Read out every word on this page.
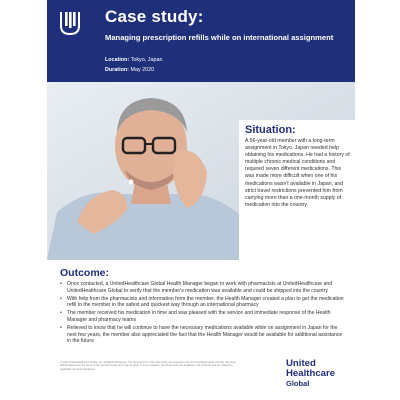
Case study:
Managing prescription refills while on international assignment
Location: Tokyo, Japan
Duration: May 2020
Situation:

A 56-year-old member with a long-term assignment in Tokyo, Japan needed help obtaining his medications. He had a history of multiple chronic medical conditions and required seven different medications. This was made more difficult when one of his medications wasn't available in Japan, and strict travel restrictions prevented him from carrying more than a one-month supply of medication into the country.

Outcome:
• Once contacted, a UnitedHealthcare Global Health Manager began to work with pharmacists at UnitedHealthcare and UnitedHealthcare Global to verify that the member's medication was available and could be shipped into the country
• With help from the pharmacists and information from the member, the Health Manager created a plan to get the medication refill to the member in the safest and quickest way through an international pharmacy
• The member received his medication in time and was pleased with the service and immediate response of the Health Manager and pharmacy teams
• Relieved to know that he will continue to have the necessary medications available while on assignment in Japan for the next few years, the member also appreciated the fact that the Health Manager would be available for additional assistance in the future

© 2020 UnitedHealthcare Global, Inc. All Rights Reserved. The experiences in this case study are examples only and individual results will vary. Services offered depend on the terms of the member's plan and may not apply in every situation. Not all services are available in all countries and are subject to applicable law and regulations.

United
Healthcare
Global
